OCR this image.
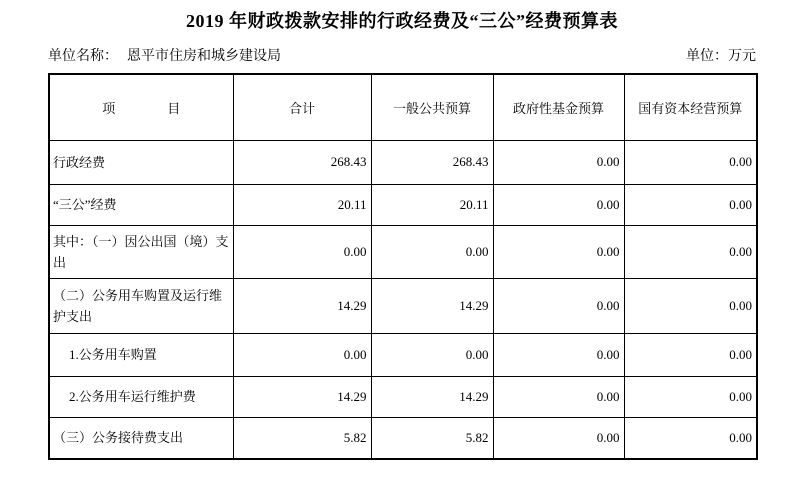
2019 年财政拨款安排的行政经费及“三公”经费预算表
单位名称： 恩平市住房和城乡建设局	单位：万元
项　　　　目	合计	一般公共预算	政府性基金预算	国有资本经营预算
行政经费	268.43	268.43	0.00	0.00
“三公”经费	20.11	20.11	0.00	0.00
其中：（一）因公出国（境）支出	0.00	0.00	0.00	0.00
（二）公务用车购置及运行维护支出	14.29	14.29	0.00	0.00
1.公务用车购置	0.00	0.00	0.00	0.00
2.公务用车运行维护费	14.29	14.29	0.00	0.00
（三）公务接待费支出	5.82	5.82	0.00	0.00
